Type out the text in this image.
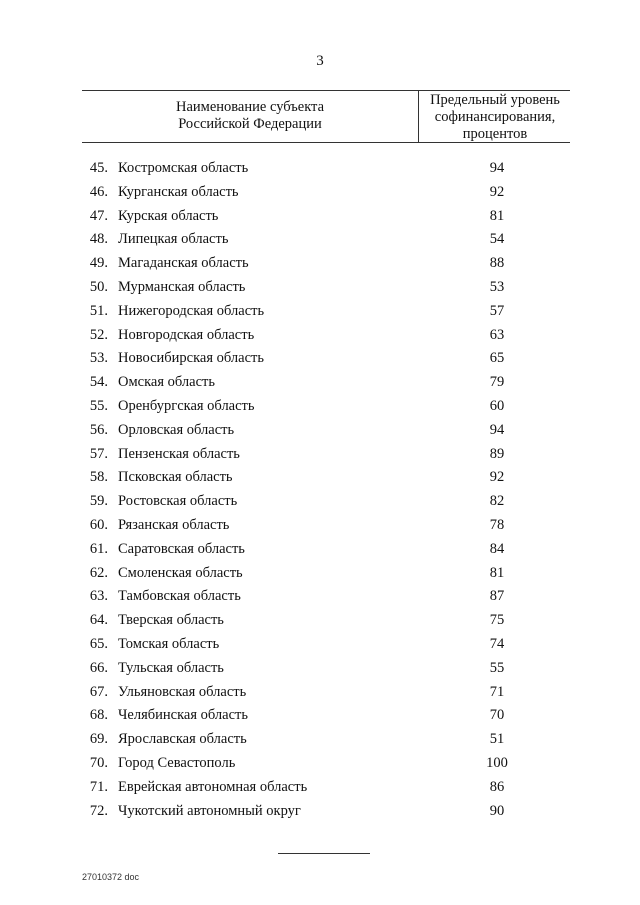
3
Наименование субъекта
Российской Федерации
Предельный уровень
софинансирования,
процентов
45. Костромская область	94
46. Курганская область	92
47. Курская область	81
48. Липецкая область	54
49. Магаданская область	88
50. Мурманская область	53
51. Нижегородская область	57
52. Новгородская область	63
53. Новосибирская область	65
54. Омская область	79
55. Оренбургская область	60
56. Орловская область	94
57. Пензенская область	89
58. Псковская область	92
59. Ростовская область	82
60. Рязанская область	78
61. Саратовская область	84
62. Смоленская область	81
63. Тамбовская область	87
64. Тверская область	75
65. Томская область	74
66. Тульская область	55
67. Ульяновская область	71
68. Челябинская область	70
69. Ярославская область	51
70. Город Севастополь	100
71. Еврейская автономная область	86
72. Чукотский автономный округ	90
27010372 doc
